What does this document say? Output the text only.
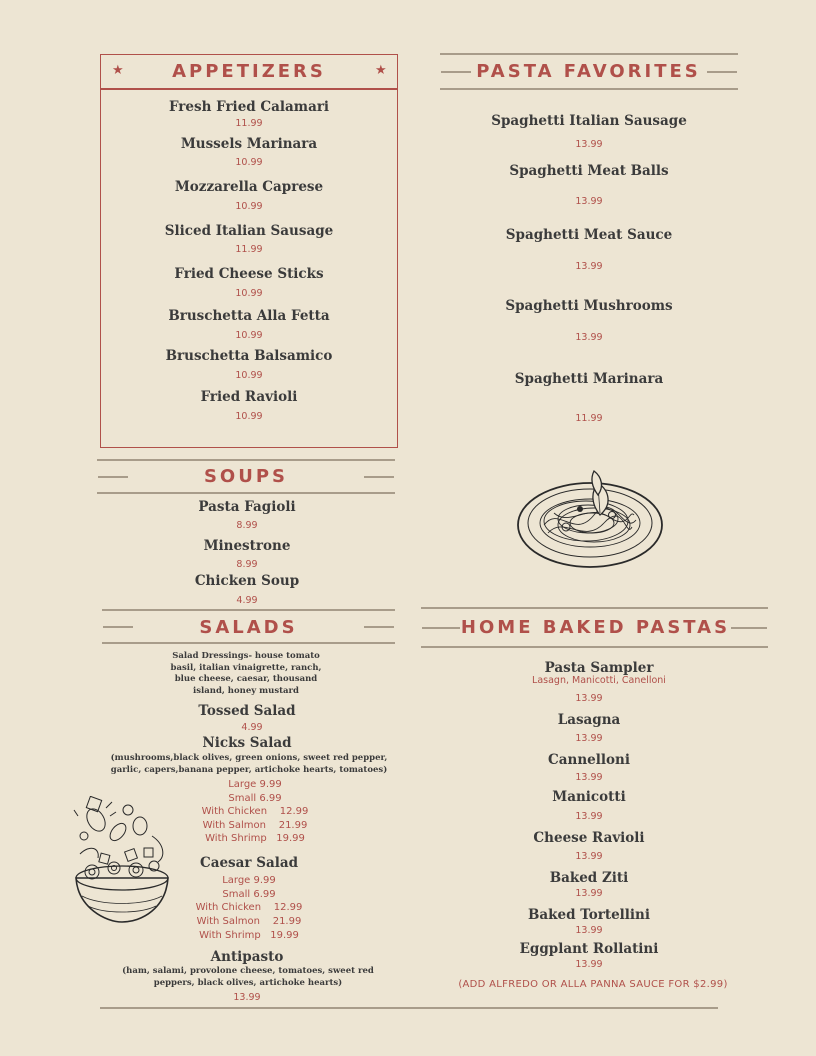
★	★
APPETIZERS
Fresh Fried Calamari
11.99
Mussels Marinara
10.99
Mozzarella Caprese
10.99
Sliced Italian Sausage
11.99
Fried Cheese Sticks
10.99
Bruschetta Alla Fetta
10.99
Bruschetta Balsamico
10.99
Fried Ravioli
10.99
PASTA FAVORITES
Spaghetti Italian Sausage
13.99
Spaghetti Meat Balls
13.99
Spaghetti Meat Sauce
13.99
Spaghetti Mushrooms
13.99
Spaghetti Marinara
11.99
SOUPS
Pasta Fagioli
8.99
Minestrone
8.99
Chicken Soup
4.99
SALADS
Salad Dressings- house tomato basil, italian vinaigrette, ranch, blue cheese, caesar, thousand island, honey mustard
Tossed Salad
4.99
Nicks Salad
(mushrooms,black olives, green onions, sweet red pepper, garlic, capers,banana pepper, artichoke hearts, tomatoes)
Large 9.99
Small 6.99
With Chicken    12.99
With Salmon    21.99
With Shrimp   19.99
Caesar Salad
Large 9.99
Small 6.99
With Chicken    12.99
With Salmon    21.99
With Shrimp   19.99
Antipasto
(ham, salami, provolone cheese, tomatoes, sweet red peppers, black olives, artichoke hearts)
13.99
HOME BAKED PASTAS
Pasta Sampler
Lasagn, Manicotti, Canelloni
13.99
Lasagna
13.99
Cannelloni
13.99
Manicotti
13.99
Cheese Ravioli
13.99
Baked Ziti
13.99
Baked Tortellini
13.99
Eggplant Rollatini
13.99
(ADD ALFREDO OR ALLA PANNA SAUCE FOR $2.99)
